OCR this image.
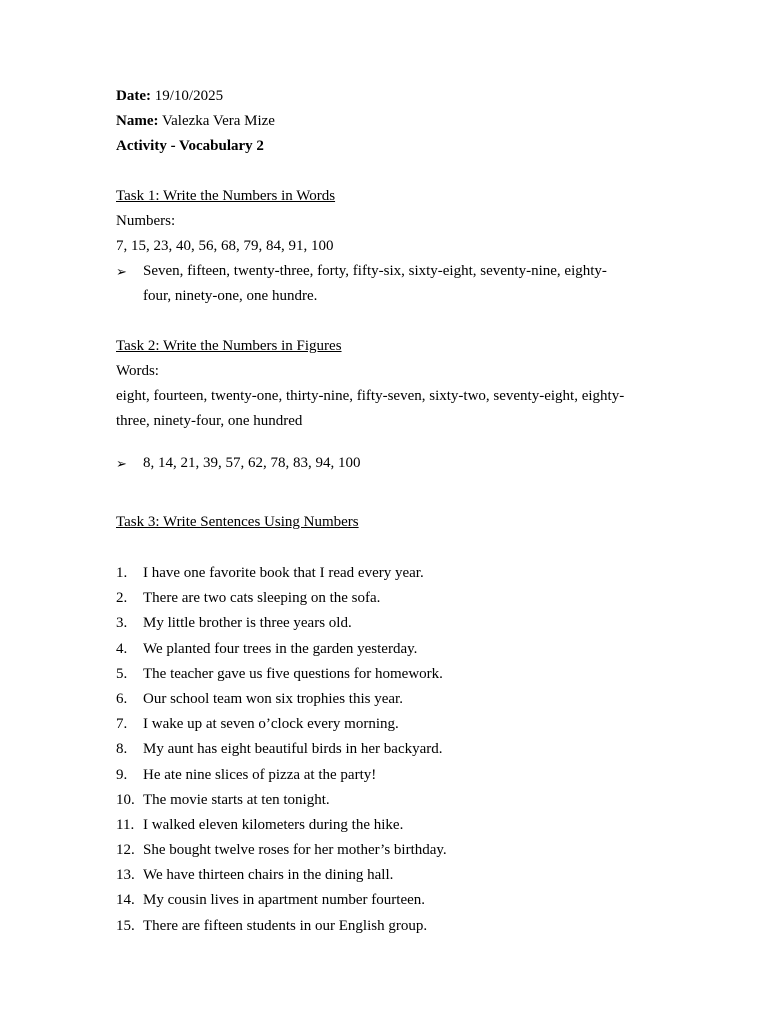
Date: 19/10/2025
Name: Valezka Vera Mize
Activity - Vocabulary 2
Task 1: Write the Numbers in Words
Numbers:
7, 15, 23, 40, 56, 68, 79, 84, 91, 100
➢	Seven, fifteen, twenty-three, forty, fifty-six, sixty-eight, seventy-nine, eighty-
four, ninety-one, one hundre.
Task 2: Write the Numbers in Figures
Words:
eight, fourteen, twenty-one, thirty-nine, fifty-seven, sixty-two, seventy-eight, eighty-
three, ninety-four, one hundred
➢	8, 14, 21, 39, 57, 62, 78, 83, 94, 100
Task 3: Write Sentences Using Numbers
1.	I have one favorite book that I read every year.
2.	There are two cats sleeping on the sofa.
3.	My little brother is three years old.
4.	We planted four trees in the garden yesterday.
5.	The teacher gave us five questions for homework.
6.	Our school team won six trophies this year.
7.	I wake up at seven o’clock every morning.
8.	My aunt has eight beautiful birds in her backyard.
9.	He ate nine slices of pizza at the party!
10. The movie starts at ten tonight.
11. I walked eleven kilometers during the hike.
12. She bought twelve roses for her mother’s birthday.
13. We have thirteen chairs in the dining hall.
14. My cousin lives in apartment number fourteen.
15. There are fifteen students in our English group.
